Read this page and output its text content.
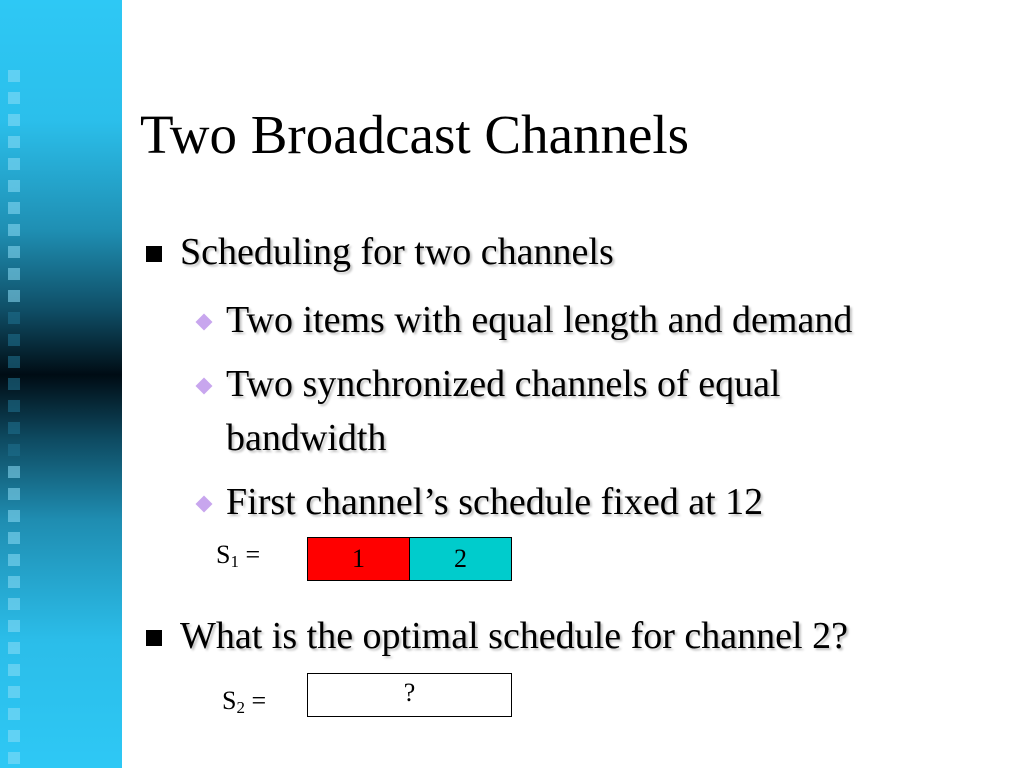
Two Broadcast Channels
Scheduling for two channels
Two items with equal length and demand
Two synchronized channels of equal
bandwidth
First channel’s schedule fixed at 12
$S_1$ =	1	2
What is the optimal schedule for channel 2?
$S_2$ =	?
